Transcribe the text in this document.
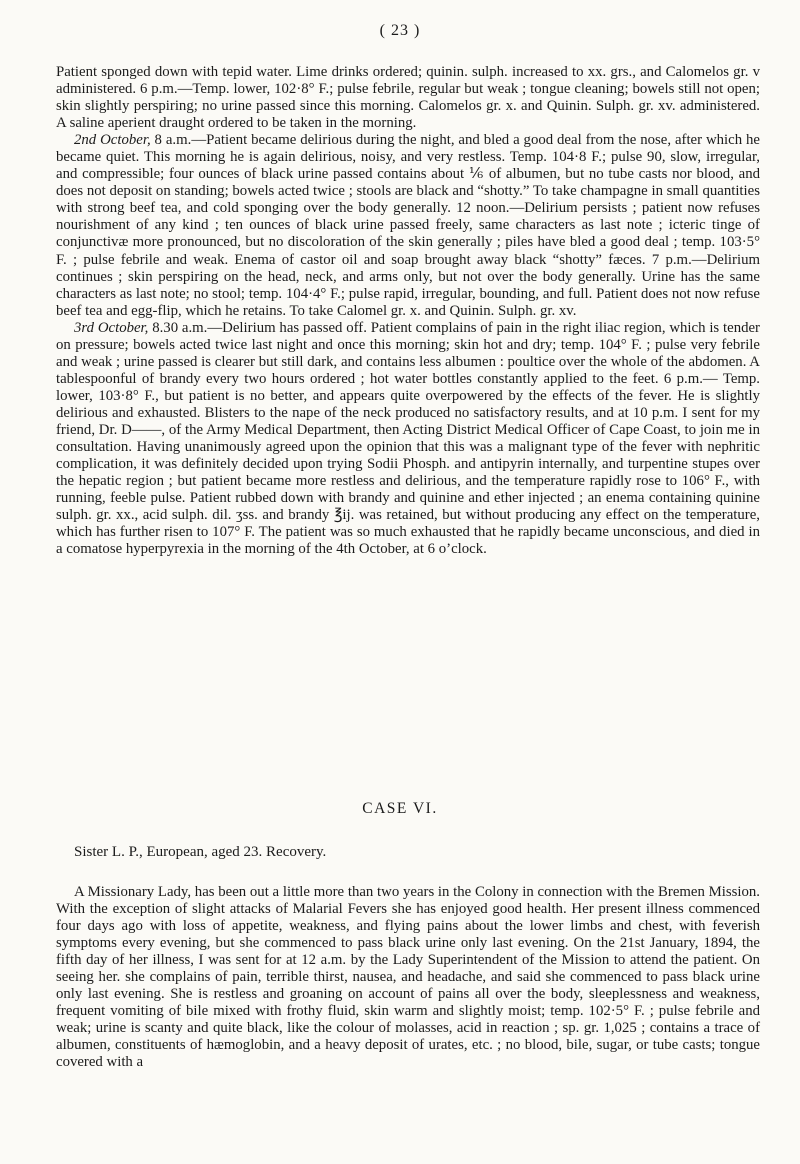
( 23 )

Patient sponged down with tepid water. Lime drinks ordered; quinin. sulph. increased to xx. grs., and Calomelos gr. v administered. 6 p.m.—Temp. lower, 102·8° F.; pulse febrile, regular but weak ; tongue cleaning; bowels still not open; skin slightly perspiring; no urine passed since this morning. Calomelos gr. x. and Quinin. Sulph. gr. xv. administered. A saline aperient draught ordered to be taken in the morning.

2nd October, 8 a.m.—Patient became delirious during the night, and bled a good deal from the nose, after which he became quiet. This morning he is again delirious, noisy, and very restless. Temp. 104·8 F.; pulse 90, slow, irregular, and compressible; four ounces of black urine passed contains about ⅙ of albumen, but no tube casts nor blood, and does not deposit on standing; bowels acted twice ; stools are black and “shotty.” To take champagne in small quantities with strong beef tea, and cold sponging over the body generally. 12 noon.—Delirium persists ; patient now refuses nourishment of any kind ; ten ounces of black urine passed freely, same characters as last note ; icteric tinge of conjunctivæ more pronounced, but no discoloration of the skin generally ; piles have bled a good deal ; temp. 103·5° F. ; pulse febrile and weak. Enema of castor oil and soap brought away black “shotty” fæces. 7 p.m.—Delirium continues ; skin perspiring on the head, neck, and arms only, but not over the body generally. Urine has the same characters as last note; no stool; temp. 104·4° F.; pulse rapid, irregular, bounding, and full. Patient does not now refuse beef tea and egg-flip, which he retains. To take Calomel gr. x. and Quinin. Sulph. gr. xv.

3rd October, 8.30 a.m.—Delirium has passed off. Patient complains of pain in the right iliac region, which is tender on pressure; bowels acted twice last night and once this morning; skin hot and dry; temp. 104° F. ; pulse very febrile and weak ; urine passed is clearer but still dark, and contains less albumen : poultice over the whole of the abdomen. A tablespoonful of brandy every two hours ordered ; hot water bottles constantly applied to the feet. 6 p.m.— Temp. lower, 103·8° F., but patient is no better, and appears quite overpowered by the effects of the fever. He is slightly delirious and exhausted. Blisters to the nape of the neck produced no satisfactory results, and at 10 p.m. I sent for my friend, Dr. D——, of the Army Medical Department, then Acting District Medical Officer of Cape Coast, to join me in consultation. Having unanimously agreed upon the opinion that this was a malignant type of the fever with nephritic complication, it was definitely decided upon trying Sodii Phosph. and antipyrin internally, and turpentine stupes over the hepatic region ; but patient became more restless and delirious, and the temperature rapidly rose to 106° F., with running, feeble pulse. Patient rubbed down with brandy and quinine and ether injected ; an enema containing quinine sulph. gr. xx., acid sulph. dil. ʒss. and brandy ℥ij. was retained, but without producing any effect on the temperature, which has further risen to 107° F. The patient was so much exhausted that he rapidly became unconscious, and died in a comatose hyperpyrexia in the morning of the 4th October, at 6 o’clock.

CASE VI.
Sister L. P., European, aged 23. Recovery.

A Missionary Lady, has been out a little more than two years in the Colony in connection with the Bremen Mission. With the exception of slight attacks of Malarial Fevers she has enjoyed good health. Her present illness commenced four days ago with loss of appetite, weakness, and flying pains about the lower limbs and chest, with feverish symptoms every evening, but she commenced to pass black urine only last evening. On the 21st January, 1894, the fifth day of her illness, I was sent for at 12 a.m. by the Lady Superintendent of the Mission to attend the patient. On seeing her. she complains of pain, terrible thirst, nausea, and headache, and said she commenced to pass black urine only last evening. She is restless and groaning on account of pains all over the body, sleeplessness and weakness, frequent vomiting of bile mixed with frothy fluid, skin warm and slightly moist; temp. 102·5° F. ; pulse febrile and weak; urine is scanty and quite black, like the colour of molasses, acid in reaction ; sp. gr. 1,025 ; contains a trace of albumen, constituents of hæmoglobin, and a heavy deposit of urates, etc. ; no blood, bile, sugar, or tube casts; tongue covered with a
